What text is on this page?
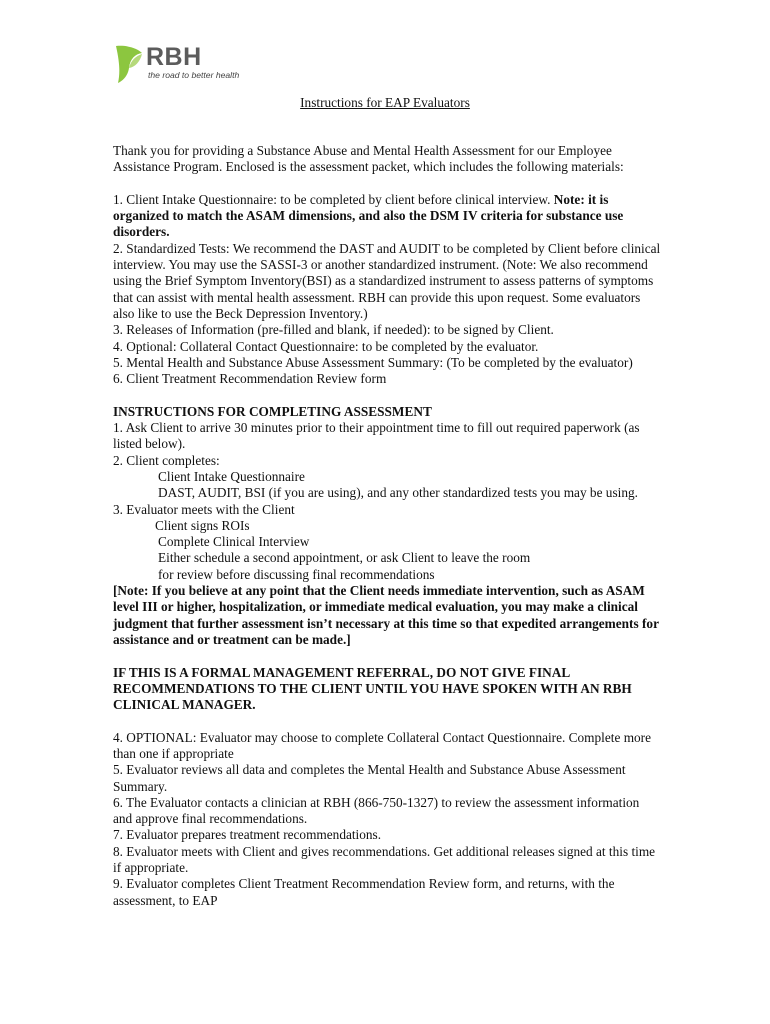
RBH
the road to better health
Instructions for EAP Evaluators

Thank you for providing a Substance Abuse and Mental Health Assessment for our Employee Assistance Program. Enclosed is the assessment packet, which includes the following materials:

1. Client Intake Questionnaire: to be completed by client before clinical interview. Note: it is organized to match the ASAM dimensions, and also the DSM IV criteria for substance use disorders.

2. Standardized Tests: We recommend the DAST and AUDIT to be completed by Client before clinical interview. You may use the SASSI-3 or another standardized instrument. (Note: We also recommend using the Brief Symptom Inventory(BSI) as a standardized instrument to assess patterns of symptoms that can assist with mental health assessment. RBH can provide this upon request. Some evaluators also like to use the Beck Depression Inventory.)

3. Releases of Information (pre-filled and blank, if needed): to be signed by Client.

4. Optional: Collateral Contact Questionnaire: to be completed by the evaluator.

5. Mental Health and Substance Abuse Assessment Summary: (To be completed by the evaluator)

6. Client Treatment Recommendation Review form

INSTRUCTIONS FOR COMPLETING ASSESSMENT

1. Ask Client to arrive 30 minutes prior to their appointment time to fill out required paperwork (as listed below).

2. Client completes:

Client Intake Questionnaire

DAST, AUDIT, BSI (if you are using), and any other standardized tests you may be using.

3. Evaluator meets with the Client

Client signs ROIs

Complete Clinical Interview

Either schedule a second appointment, or ask Client to leave the room for review before discussing final recommendations

[Note: If you believe at any point that the Client needs immediate intervention, such as ASAM level III or higher, hospitalization, or immediate medical evaluation, you may make a clinical judgment that further assessment isn’t necessary at this time so that expedited arrangements for assistance and or treatment can be made.]

IF THIS IS A FORMAL MANAGEMENT REFERRAL, DO NOT GIVE FINAL RECOMMENDATIONS TO THE CLIENT UNTIL YOU HAVE SPOKEN WITH AN RBH CLINICAL MANAGER.

4. OPTIONAL: Evaluator may choose to complete Collateral Contact Questionnaire. Complete more than one if appropriate

5. Evaluator reviews all data and completes the Mental Health and Substance Abuse Assessment Summary.

6. The Evaluator contacts a clinician at RBH (866-750-1327) to review the assessment information and approve final recommendations.

7. Evaluator prepares treatment recommendations.

8. Evaluator meets with Client and gives recommendations. Get additional releases signed at this time if appropriate.

9. Evaluator completes Client Treatment Recommendation Review form, and returns, with the assessment, to EAP
